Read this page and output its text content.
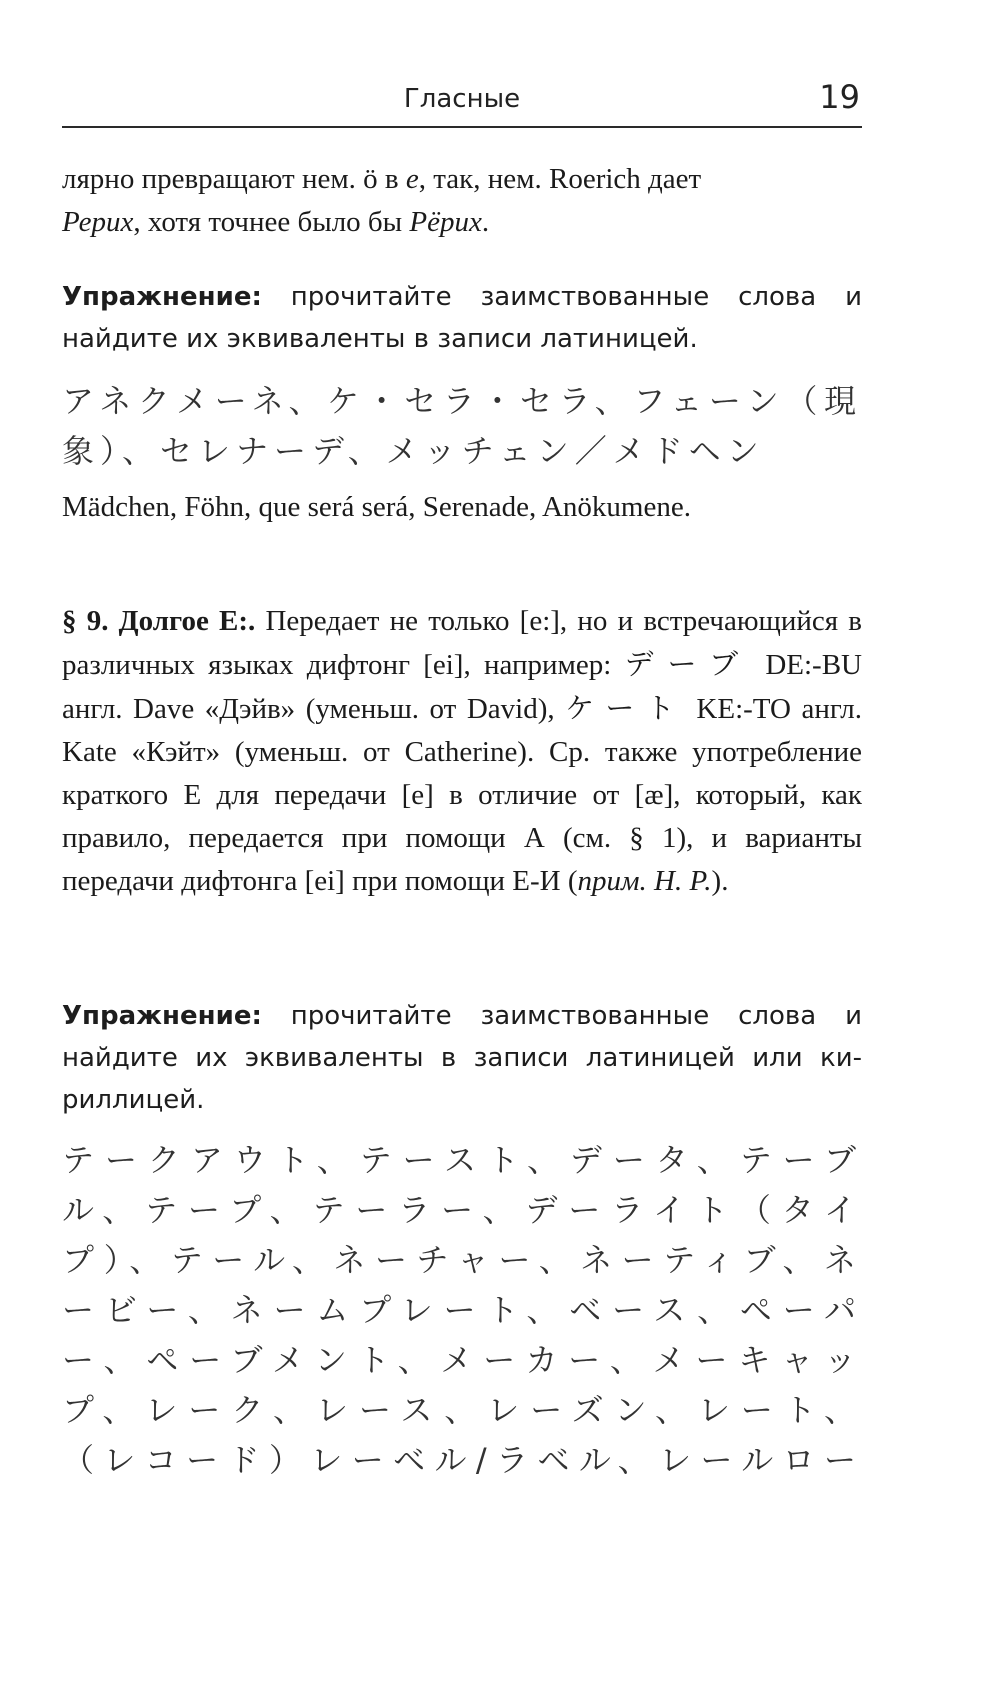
Гласные	19

лярно превращают нем. ö в е, так, нем. Roerich дает
Рерих, хотя точнее было бы Рёрих.

Упражнение: прочитайте заимствованные слова и найдите их эквиваленты в записи латиницей.

アネクメーネ、ケ・セラ・セラ、フェーン（現
象）、セレナーデ、メッチェン／メドヘン

Mädchen, Föhn, que será será, Serenade, Anökumene.

§ 9. Долгое Е:. Передает не только [e:], но и встречающийся в различных языках дифтонг [ei], например: デーブ DE:-BU англ. Dave «Дэйв» (уменьш. от David), ケート KE:-TO англ. Kate «Кэйт» (уменьш. от Catherine). Ср. также употребление краткого Е для передачи [e] в отличие от [æ], который, как правило, передается при помощи А (см. § 1), и варианты передачи дифтонга [ei] при помощи Е-И (прим. Н. Р.).

Упражнение: прочитайте заимствованные слова и найдите их эквиваленты в записи латиницей или кириллицей.

テークアウト、テースト、データ、テーブ
ル、テープ、テーラー、デーライト（タイ
プ）、テール、ネーチャー、ネーティブ、ネ
ービー、ネームプレート、ベース、ペーパ
ー、ペーブメント、メーカー、メーキャッ
プ、レーク、レース、レーズン、レート、
（レコード）レーベル/ラベル、レールロー
